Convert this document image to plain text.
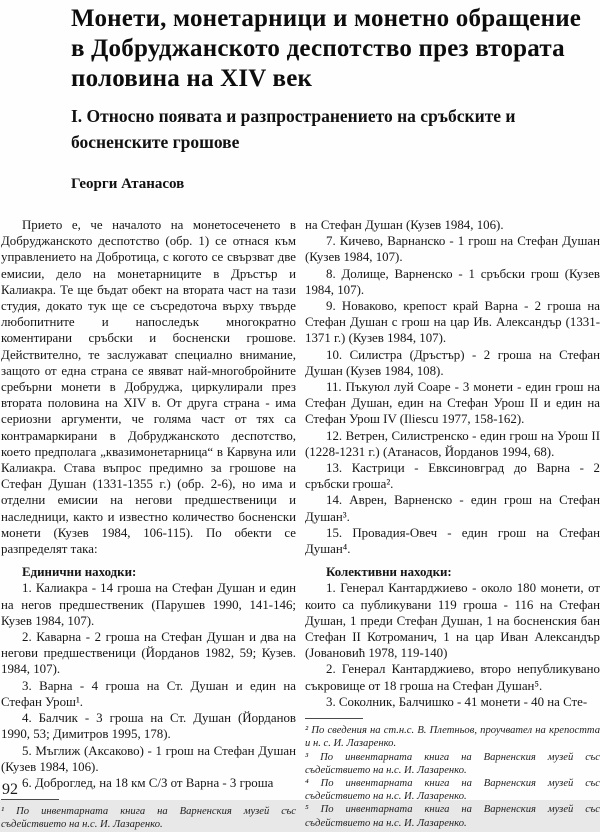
Монети, монетарници и монетно обращение в Добруджанското деспотство през втората половина на XIV век
I. Относно появата и разпространението на сръбските и босненските грошове
Георги Атанасов

Прието е, че началото на монетосеченето в Добруджанското деспотство (обр. 1) се отнася към управлението на Добротица, с когото се свързват две емисии, дело на монетарниците в Дръстър и Калиакра. Те ще бъдат обект на втората част на тази студия, докато тук ще се съсредоточа върху твърде любопитните и напоследък многократно коментирани сръбски и босненски грошове. Действително, те заслужават специално внимание, защото от една страна се явяват най-многобройните сребърни монети в Добруджа, циркулирали през втората половина на XIV в. От друга страна - има сериозни аргументи, че голяма част от тях са контрамаркирани в Добруджанското деспотство, което предполага „квазимонетарница“ в Карвуна или Калиакра. Става въпрос предимно за грошове на Стефан Душан (1331-1355 г.) (обр. 2-6), но има и отделни емисии на негови предшественици и наследници, както и известно количество босненски монети (Кузев 1984, 106-115). По обекти се разпределят така:

Единични находки:

1. Калиакра - 14 гроша на Стефан Душан и един на негов предшественик (Парушев 1990, 141-146; Кузев 1984, 107).

2. Каварна - 2 гроша на Стефан Душан и два на негови предшественици (Йорданов 1982, 59; Кузев. 1984, 107).

3. Варна - 4 гроша на Ст. Душан и един на Стефан Урош¹.

4. Балчик - 3 гроша на Ст. Душан (Йорданов 1990, 53; Димитров 1995, 178).

5. Мъглиж (Аксаково) - 1 грош на Стефан Душан (Кузев 1984, 106).

6. Доброглед, на 18 км С/З от Варна - 3 гроша

¹ По инвентарната книга на Варненския музей със съдействието на н.с. И. Лазаренко.

на Стефан Душан (Кузев 1984, 106).

7. Кичево, Варнанско - 1 грош на Стефан Душан (Кузев 1984, 107).

8. Долище, Варненско - 1 сръбски грош (Кузев 1984, 107).

9. Новаково, крепост край Варна - 2 гроша на Стефан Душан с грош на цар Ив. Александър (1331-1371 г.) (Кузев 1984, 107).

10. Силистра (Дръстър) - 2 гроша на Стефан Душан (Кузев 1984, 108).

11. Пъкуюл луй Соаре - 3 монети - един грош на Стефан Душан, един на Стефан Урош II и един на Стефан Урош IV (Iliescu 1977, 158-162).

12. Ветрен, Силистренско - един грош на Урош II (1228-1231 г.) (Атанасов, Йорданов 1994, 68).

13. Кастрици - Евксиновград до Варна - 2 сръбски гроша².

14. Аврен, Варненско - един грош на Стефан Душан³.

15. Провадия-Овеч - един грош на Стефан Душан⁴.

Колективни находки:

1. Генерал Кантарджиево - около 180 монети, от които са публикувани 119 гроша - 116 на Стефан Душан, 1 преди Стефан Душан, 1 на босненския бан Стефан II Котроманич, 1 на цар Иван Александър (Јовановић 1978, 119-140)

2. Генерал Кантарджиево, второ непубликувано съкровище от 18 гроша на Стефан Душан⁵.

3. Соколник, Балчишко - 41 монети - 40 на Сте-

² По сведения на ст.н.с. В. Плетньов, проучвател на крепостта и н. с. И. Лазаренко.

³ По инвентарната книга на Варненския музей със съдействието на н.с. И. Лазаренко.

⁴ По инвентарната книга на Варненския музей със съдействието на н.с. И. Лазаренко.

⁵ По инвентарната книга на Варненския музей със съдействието на н.с. И. Лазаренко.

92
